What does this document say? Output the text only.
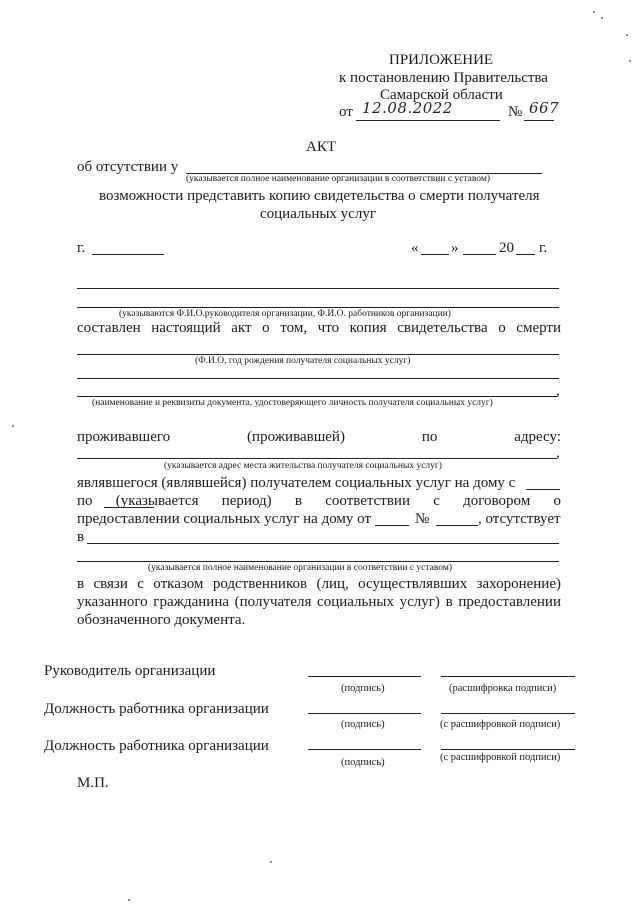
ПРИЛОЖЕНИЕ
к постановлению Правительства
Самарской области
от 12.08.2022	№ 667
АКТ
об отсутствии у
(указывается полное наименование организации в соответствии с уставом)
возможности представить копию свидетельства о смерти получателя
социальных услуг
г.	« »	20 г.
(указываются Ф.И.О.руководителя организации, Ф.И.О. работников организации)
составлен настоящий акт о том, что копия свидетельства о смерти
(Ф.И.О, год рождения получателя социальных услуг)
,
(наименование и реквизиты документа, удостоверяющего личность получателя социальных услуг)
проживавшего (проживавшей) по адресу:
,
(указывается адрес места жительства получателя социальных услуг)
являвшегося (являвшейся) получателем социальных услуг на дому с
по (указывается период) в соответствии с договором о
предоставлении социальных услуг на дому от	№	, отсутствует
в
(указывается полное наименование организации в соответствии с уставом)
в связи с отказом родственников (лиц, осуществлявших захоронение)
указанного гражданина (получателя социальных услуг) в предоставлении
обозначенного документа.
Руководитель организации
(подпись)	(расшифровка подписи)
Должность работника организации
(подпись)	(с расшифровкой подписи)
Должность работника организации
(подпись)	(с расшифровкой подписи)
М.П.
